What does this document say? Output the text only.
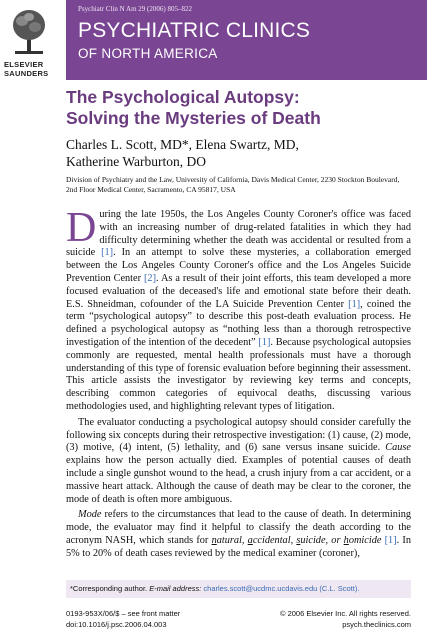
ELSEVIER
SAUNDERS
Psychiatr Clin N Am 29 (2006) 805–822
PSYCHIATRIC CLINICS
OF NORTH AMERICA
The Psychological Autopsy:
Solving the Mysteries of Death
Charles L. Scott, MD*, Elena Swartz, MD,
Katherine Warburton, DO
Division of Psychiatry and the Law, University of California, Davis Medical Center, 2230 Stockton Boulevard, 2nd Floor Medical Center, Sacramento, CA 95817, USA

During the late 1950s, the Los Angeles County Coroner's office was faced with an increasing number of drug-related fatalities in which they had difficulty determining whether the death was accidental or resulted from a suicide [1]. In an attempt to solve these mysteries, a collaboration emerged between the Los Angeles County Coroner's office and the Los Angeles Suicide Prevention Center [2]. As a result of their joint efforts, this team developed a more focused evaluation of the deceased's life and emotional state before their death. E.S. Shneidman, cofounder of the LA Suicide Prevention Center [1], coined the term “psychological autopsy” to describe this post-death evaluation process. He defined a psychological autopsy as “nothing less than a thorough retrospective investigation of the intention of the decedent” [1]. Because psychological autopsies commonly are requested, mental health professionals must have a thorough understanding of this type of forensic evaluation before beginning their assessment. This article assists the investigator by reviewing key terms and concepts, describing common categories of equivocal deaths, discussing various methodologies used, and highlighting relevant types of litigation.

The evaluator conducting a psychological autopsy should consider carefully the following six concepts during their retrospective investigation: (1) cause, (2) mode, (3) motive, (4) intent, (5) lethality, and (6) sane versus insane suicide. Cause explains how the person actually died. Examples of potential causes of death include a single gunshot wound to the head, a crush injury from a car accident, or a massive heart attack. Although the cause of death may be clear to the coroner, the mode of death is often more ambiguous.

Mode refers to the circumstances that lead to the cause of death. In determining mode, the evaluator may find it helpful to classify the death according to the acronym NASH, which stands for natural, accidental, suicide, or homicide [1]. In 5% to 20% of death cases reviewed by the medical examiner (coroner),

*Corresponding author. E-mail address: charles.scott@ucdmc.ucdavis.edu (C.L. Scott).
0193-953X/06/$ – see front matter
doi:10.1016/j.psc.2006.04.003
© 2006 Elsevier Inc. All rights reserved.
psych.theclinics.com
